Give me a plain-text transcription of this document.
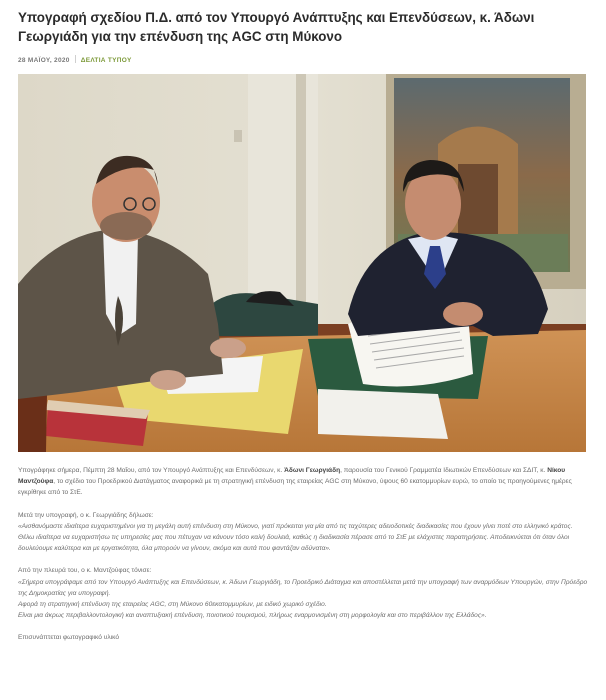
Υπογραφή σχεδίου Π.Δ. από τον Υπουργό Ανάπτυξης και Επενδύσεων, κ. Άδωνι Γεωργιάδη για την επένδυση της AGC στη Μύκονο
28 ΜΑΪΟΥ, 2020 ΔΕΛΤΙΑ ΤΥΠΟΥ

Υπογράφηκε σήμερα, Πέμπτη 28 Μαΐου, από τον Υπουργό Ανάπτυξης και Επενδύσεων, κ. Άδωνι Γεωργιάδη, παρουσία του Γενικού Γραμματέα Ιδιωτικών Επενδύσεων και ΣΔΙΤ, κ. Νίκου Μαντζούφα, το σχέδιο του Προεδρικού Διατάγματος αναφορικά με τη στρατηγική επένδυση της εταιρείας AGC στη Μύκονο, ύψους 60 εκατομμυρίων ευρώ, το οποίο τις προηγούμενες ημέρες εγκρίθηκε από το ΣτΕ.

Μετά την υπογραφή, ο κ. Γεωργιάδης δήλωσε:

«Αισθανόμαστε ιδιαίτερα ευχαριστημένοι για τη μεγάλη αυτή επένδυση στη Μύκονο, γιατί πρόκειται για μία από τις ταχύτερες αδειοδοτικές διαδικασίες που έχουν γίνει ποτέ στο ελληνικό κράτος.

Θέλω ιδιαίτερα να ευχαριστήσω τις υπηρεσίες μας που πέτυχαν να κάνουν τόσο καλή δουλειά, καθώς η διαδικασία πέρασε από το ΣτΕ με ελάχιστες παρατηρήσεις. Αποδεικνύεται ότι όταν όλοι δουλεύουμε καλύτερα και με εργατικότητα, όλα μπορούν να γίνουν, ακόμα και αυτά που φαντάζαν αδύνατα».

Από την πλευρά του, ο κ. Μαντζούφας τόνισε:

«Σήμερα υπογράψαμε από τον Υπουργό Ανάπτυξης και Επενδύσεων, κ. Άδωνι Γεωργιάδη, το Προεδρικό Διάταγμα και αποστέλλεται μετά την υπογραφή των αναρμόδιων Υπουργών, στην Πρόεδρο της Δημοκρατίας για υπογραφή.

Αφορά τη στρατηγική επένδυση της εταιρείας AGC, στη Μύκονο 60εκατομμυρίων, με ειδικό χωρικό σχέδιο.

Είναι μια άκρως περιβαλλοντολογική και αναπτυξιακή επένδυση, ποιοτικού τουρισμού, πλήρως εναρμονισμένη στη μορφολογία και στο περιβάλλον της Ελλάδος».

Επισυνάπτεται φωτογραφικό υλικό
